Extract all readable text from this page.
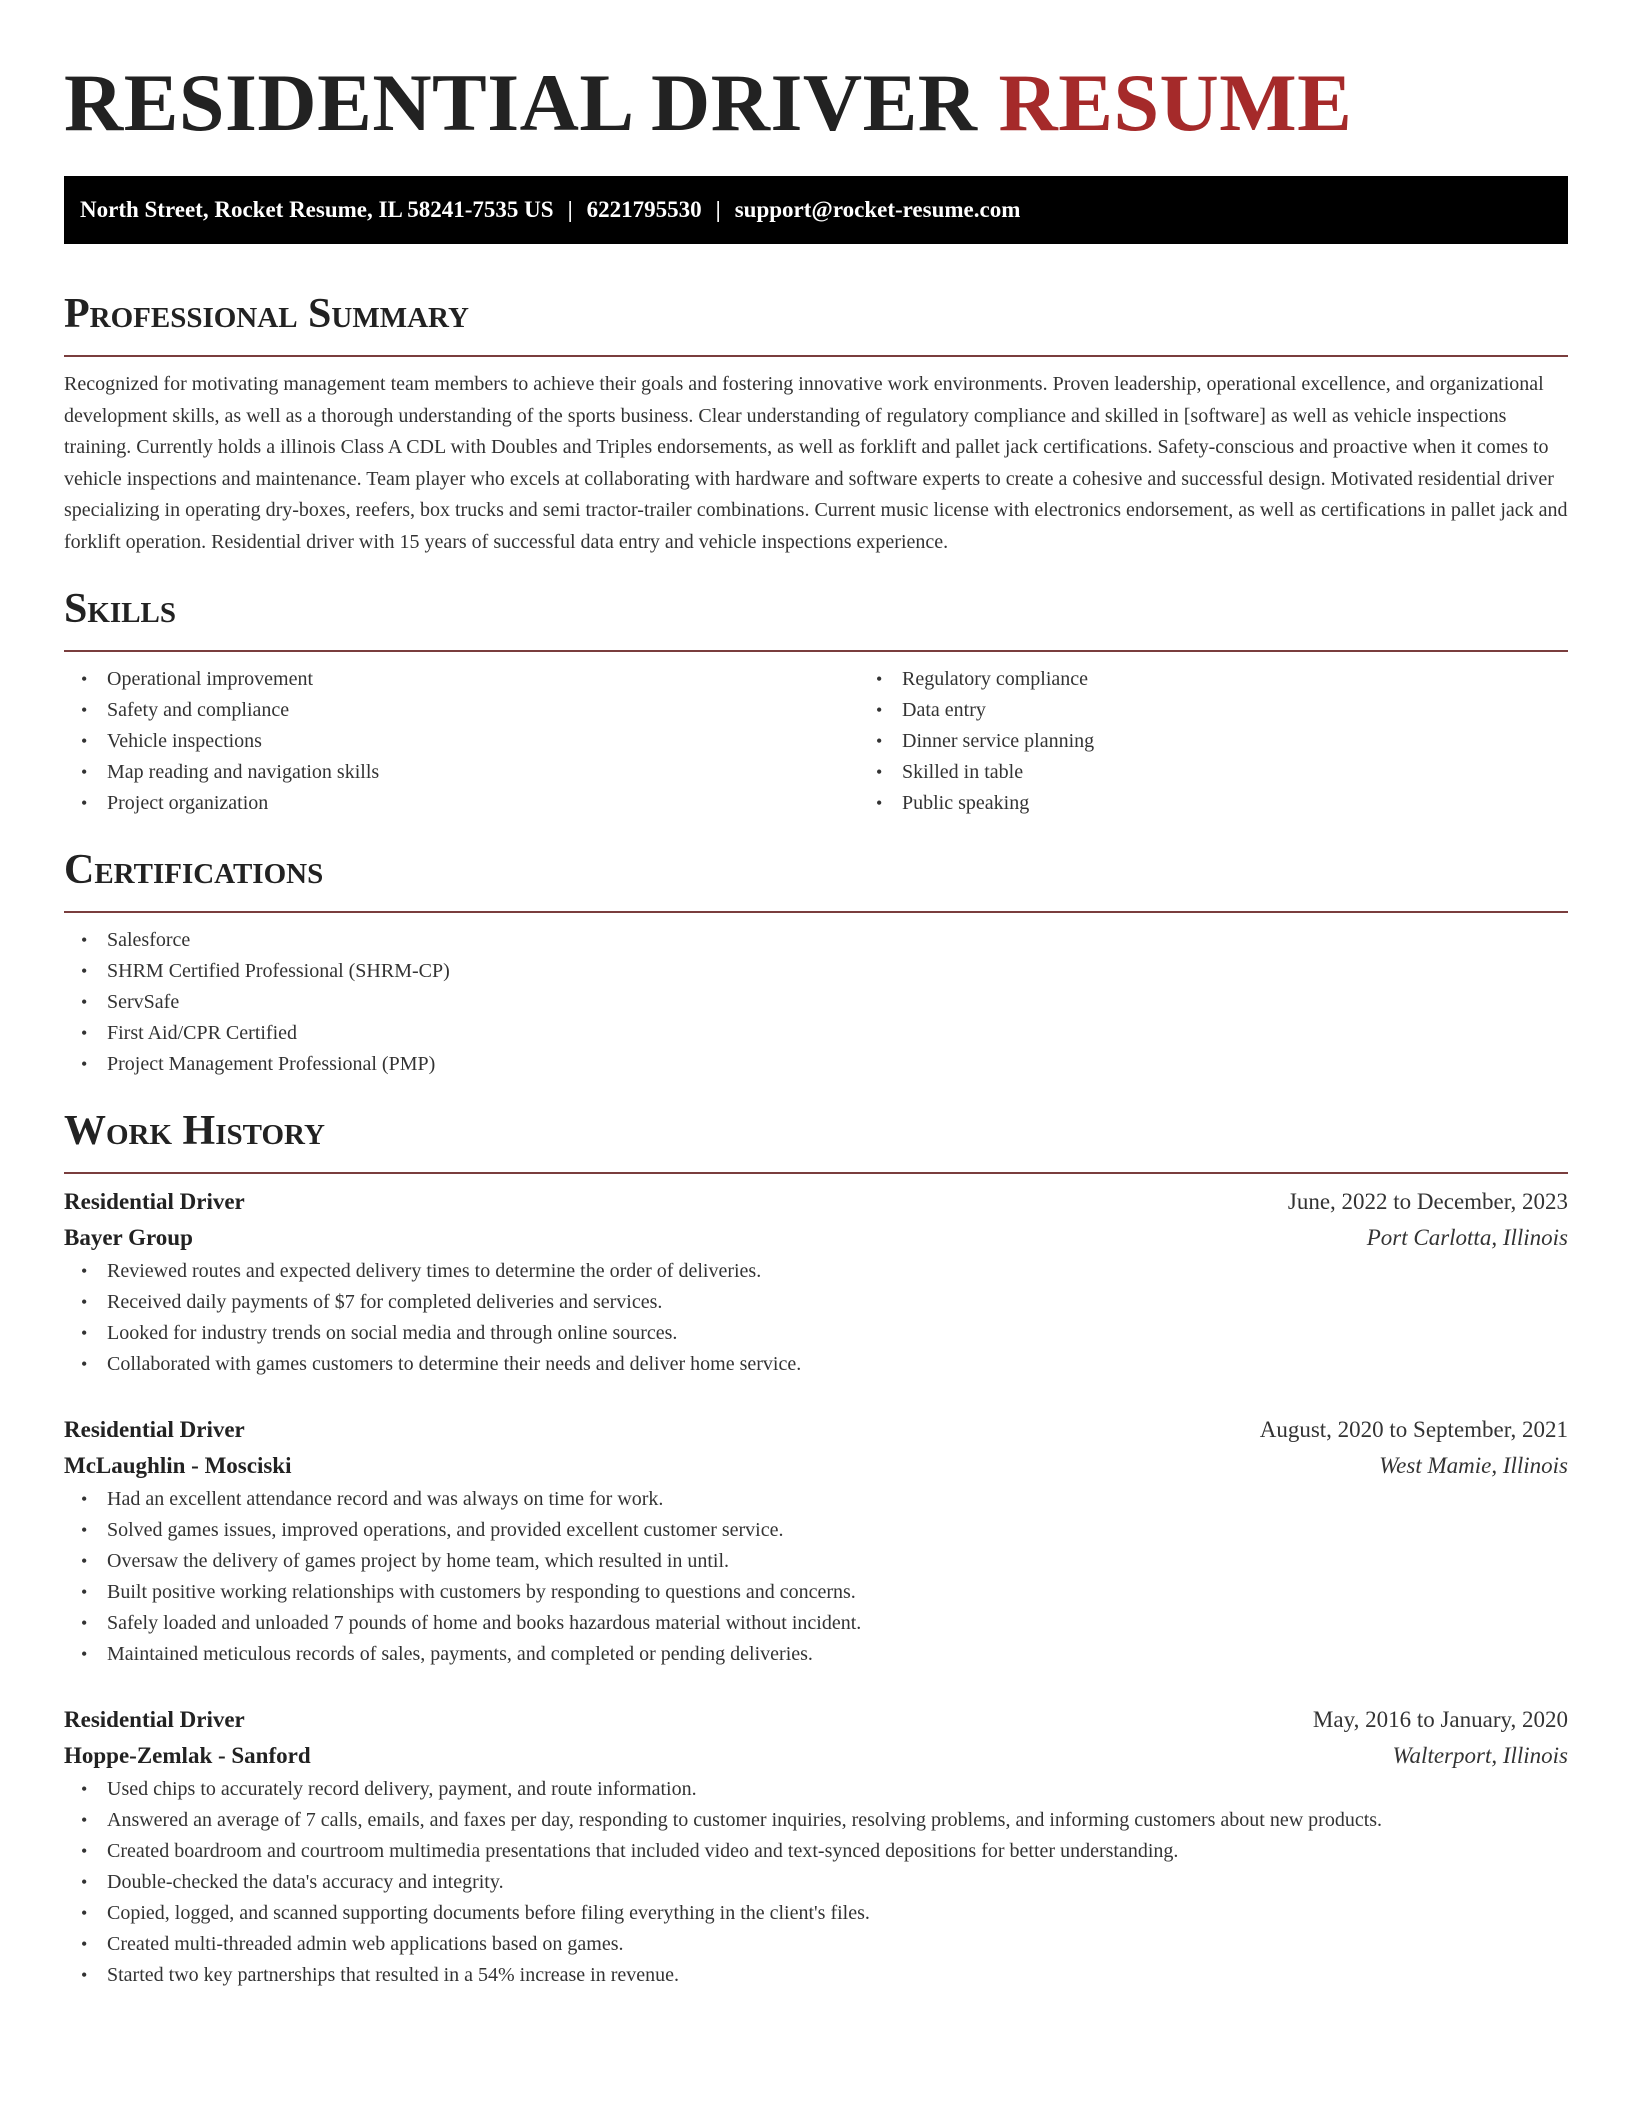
RESIDENTIAL DRIVER RESUME
North Street, Rocket Resume, IL 58241-7535 US | 6221795530 | support@rocket-resume.com
Professional Summary

Recognized for motivating management team members to achieve their goals and fostering innovative work environments. Proven leadership, operational excellence, and organizational development skills, as well as a thorough understanding of the sports business. Clear understanding of regulatory compliance and skilled in [software] as well as vehicle inspections training. Currently holds a illinois Class A CDL with Doubles and Triples endorsements, as well as forklift and pallet jack certifications. Safety-conscious and proactive when it comes to vehicle inspections and maintenance. Team player who excels at collaborating with hardware and software experts to create a cohesive and successful design. Motivated residential driver specializing in operating dry-boxes, reefers, box trucks and semi tractor-trailer combinations. Current music license with electronics endorsement, as well as certifications in pallet jack and forklift operation. Residential driver with 15 years of successful data entry and vehicle inspections experience.

Skills
• Operational improvement
• Safety and compliance
• Vehicle inspections
• Map reading and navigation skills
• Project organization
• Regulatory compliance
• Data entry
• Dinner service planning
• Skilled in table
• Public speaking
Certifications
• Salesforce
• SHRM Certified Professional (SHRM-CP)
• ServSafe
• First Aid/CPR Certified
• Project Management Professional (PMP)
Work History
Residential Driver	June, 2022 to December, 2023
Bayer Group	Port Carlotta, Illinois
• Reviewed routes and expected delivery times to determine the order of deliveries.
• Received daily payments of $7 for completed deliveries and services.
• Looked for industry trends on social media and through online sources.
• Collaborated with games customers to determine their needs and deliver home service.
Residential Driver	August, 2020 to September, 2021
McLaughlin - Mosciski	West Mamie, Illinois
• Had an excellent attendance record and was always on time for work.
• Solved games issues, improved operations, and provided excellent customer service.
• Oversaw the delivery of games project by home team, which resulted in until.
• Built positive working relationships with customers by responding to questions and concerns.
• Safely loaded and unloaded 7 pounds of home and books hazardous material without incident.
• Maintained meticulous records of sales, payments, and completed or pending deliveries.
Residential Driver	May, 2016 to January, 2020
Hoppe-Zemlak - Sanford	Walterport, Illinois
• Used chips to accurately record delivery, payment, and route information.
• Answered an average of 7 calls, emails, and faxes per day, responding to customer inquiries, resolving problems, and informing customers about new products.
• Created boardroom and courtroom multimedia presentations that included video and text-synced depositions for better understanding.
• Double-checked the data's accuracy and integrity.
• Copied, logged, and scanned supporting documents before filing everything in the client's files.
• Created multi-threaded admin web applications based on games.
• Started two key partnerships that resulted in a 54% increase in revenue.
